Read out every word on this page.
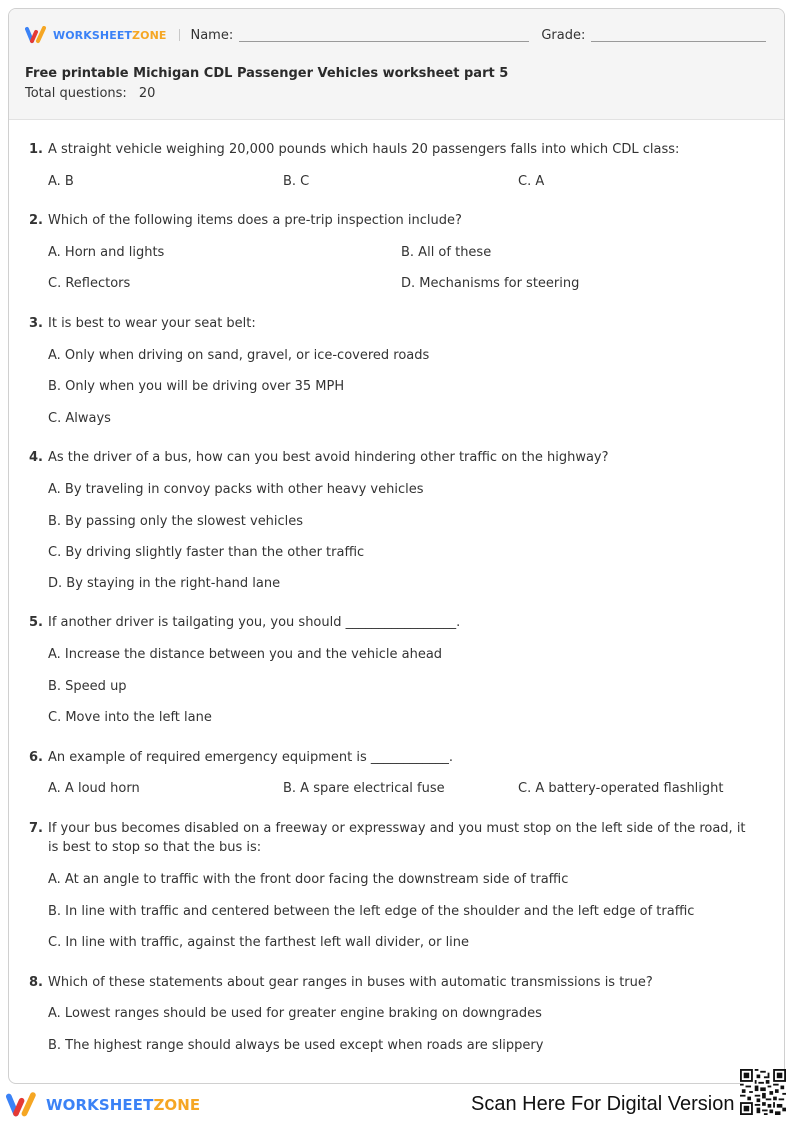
WORKSHEETZONE Name:	Grade:
Free printable Michigan CDL Passenger Vehicles worksheet part 5
Total questions: 20
1. A straight vehicle weighing 20,000 pounds which hauls 20 passengers falls into which CDL class:
A. B	B. C	C. A
2. Which of the following items does a pre-trip inspection include?
A. Horn and lights	B. All of these
C. Reflectors	D. Mechanisms for steering
3. It is best to wear your seat belt:
A. Only when driving on sand, gravel, or ice-covered roads
B. Only when you will be driving over 35 MPH
C. Always
4. As the driver of a bus, how can you best avoid hindering other traffic on the highway?
A. By traveling in convoy packs with other heavy vehicles
B. By passing only the slowest vehicles
C. By driving slightly faster than the other traffic
D. By staying in the right-hand lane
5. If another driver is tailgating you, you should _________________.
A. Increase the distance between you and the vehicle ahead
B. Speed up
C. Move into the left lane
6. An example of required emergency equipment is ____________.
A. A loud horn	B. A spare electrical fuse	C. A battery-operated flashlight
7. If your bus becomes disabled on a freeway or expressway and you must stop on the left side of the road, it is best to stop so that the bus is:
A. At an angle to traffic with the front door facing the downstream side of traffic
B. In line with traffic and centered between the left edge of the shoulder and the left edge of traffic
C. In line with traffic, against the farthest left wall divider, or line
8. Which of these statements about gear ranges in buses with automatic transmissions is true?
A. Lowest ranges should be used for greater engine braking on downgrades
B. The highest range should always be used except when roads are slippery
WORKSHEETZONE	Scan Here For Digital Version
